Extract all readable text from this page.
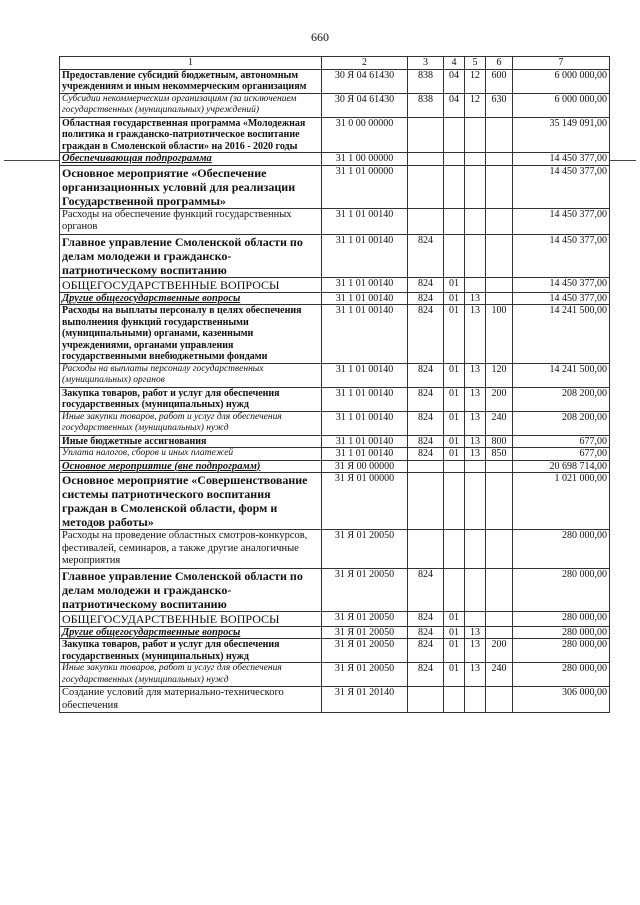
660
1	2	3	4	5	6	7
Предоставление субсидий бюджетным, автономным учреждениям и иным некоммерческим организациям	30 Я 04 61430	838	04	12	600	6 000 000,00
Субсидии некоммерческим организациям (за исключением государственных (муниципальных) учреждений)	30 Я 04 61430	838	04	12	630	6 000 000,00
Областная государственная программа «Молодежная политика и гражданско-патриотическое воспитание граждан в Смоленской области» на 2016 - 2020 годы	31 0 00 00000					35 149 091,00
Обеспечивающая подпрограмма	31 1 00 00000					14 450 377,00
Основное мероприятие «Обеспечение организационных условий для реализации Государственной программы»	31 1 01 00000					14 450 377,00
Расходы на обеспечение функций государственных органов	31 1 01 00140					14 450 377,00
Главное управление Смоленской области по делам молодежи и гражданско-патриотическому воспитанию	31 1 01 00140	824				14 450 377,00
ОБЩЕГОСУДАРСТВЕННЫЕ ВОПРОСЫ	31 1 01 00140	824	01			14 450 377,00
Другие общегосударственные вопросы	31 1 01 00140	824	01	13		14 450 377,00
Расходы на выплаты персоналу в целях обеспечения выполнения функций государственными (муниципальными) органами, казенными учреждениями, органами управления государственными внебюджетными фондами	31 1 01 00140	824	01	13	100	14 241 500,00
Расходы на выплаты персоналу государственных (муниципальных) органов	31 1 01 00140	824	01	13	120	14 241 500,00
Закупка товаров, работ и услуг для обеспечения государственных (муниципальных) нужд	31 1 01 00140	824	01	13	200	208 200,00
Иные закупки товаров, работ и услуг для обеспечения государственных (муниципальных) нужд	31 1 01 00140	824	01	13	240	208 200,00
Иные бюджетные ассигнования	31 1 01 00140	824	01	13	800	677,00
Уплата налогов, сборов и иных платежей	31 1 01 00140	824	01	13	850	677,00
Основное мероприятие (вне подпрограмм)	31 Я 00 00000					20 698 714,00
Основное мероприятие «Совершенствование системы патриотического воспитания граждан в Смоленской области, форм и методов работы»	31 Я 01 00000					1 021 000,00
Расходы на проведение областных смотров-конкурсов, фестивалей, семинаров, а также другие аналогичные мероприятия	31 Я 01 20050					280 000,00
Главное управление Смоленской области по делам молодежи и гражданско-патриотическому воспитанию	31 Я 01 20050	824				280 000,00
ОБЩЕГОСУДАРСТВЕННЫЕ ВОПРОСЫ	31 Я 01 20050	824	01			280 000,00
Другие общегосударственные вопросы	31 Я 01 20050	824	01	13		280 000,00
Закупка товаров, работ и услуг для обеспечения государственных (муниципальных) нужд	31 Я 01 20050	824	01	13	200	280 000,00
Иные закупки товаров, работ и услуг для обеспечения государственных (муниципальных) нужд	31 Я 01 20050	824	01	13	240	280 000,00
Создание условий для материально-технического обеспечения	31 Я 01 20140					306 000,00
